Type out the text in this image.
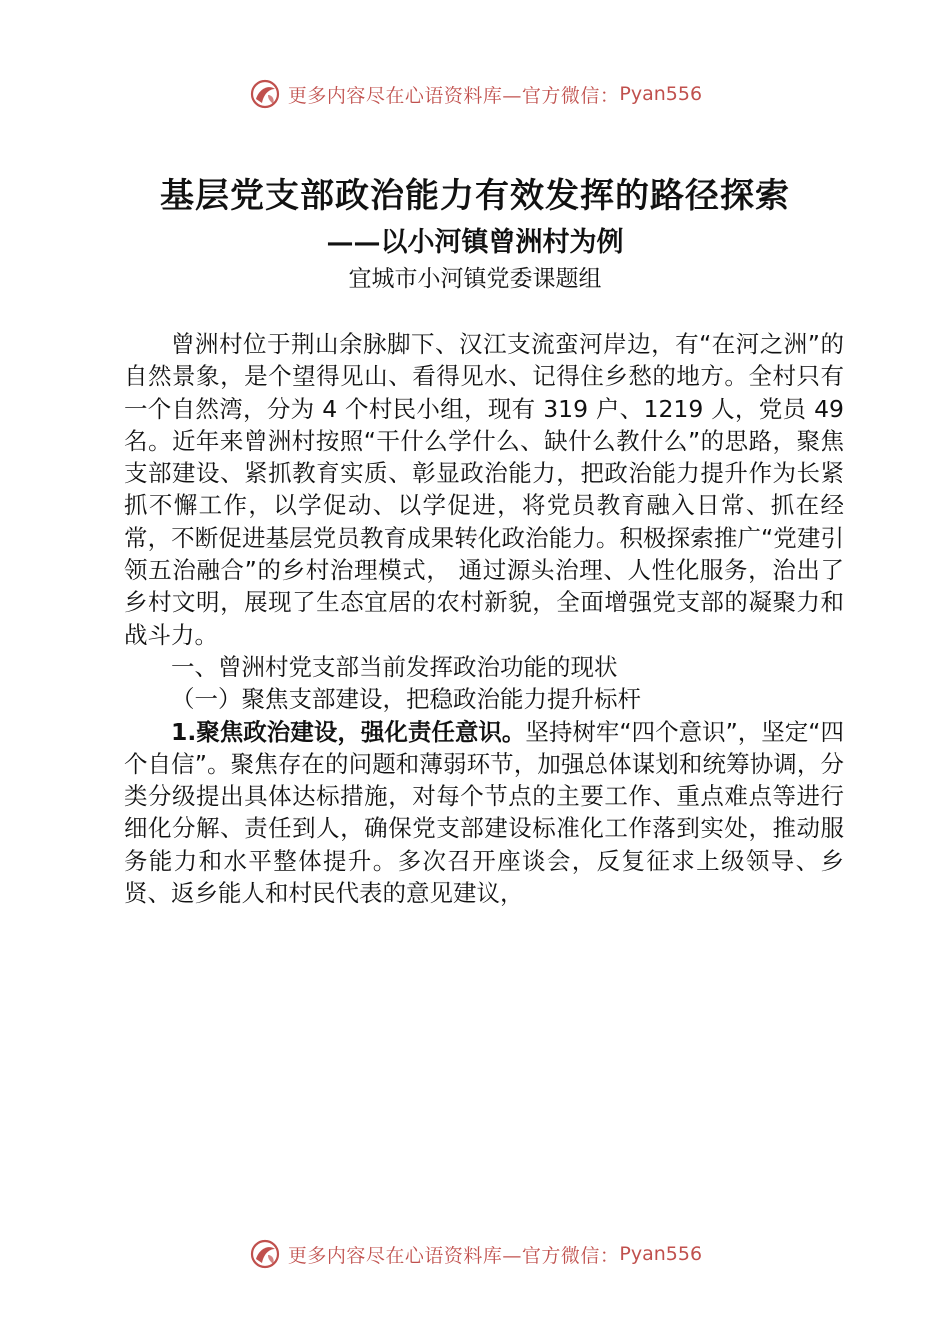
更多内容尽在心语资料库—官方微信： Pyan556
基层党支部政治能力有效发挥的路径探索
——以小河镇曾洲村为例
宜城市小河镇党委课题组

曾洲村位于荆山余脉脚下、汉江支流蛮河岸边，有“在河之洲”的自然景象，是个望得见山、看得见水、记得住乡愁的地方。全村只有一个自然湾，分为 4 个村民小组，现有 319 户、1219 人，党员 49 名。近年来曾洲村按照“干什么学什么、缺什么教什么”的思路，聚焦支部建设、紧抓教育实质、彰显政治能力，把政治能力提升作为长紧抓不懈工作，以学促动、以学促进，将党员教育融入日常、抓在经常，不断促进基层党员教育成果转化政治能力。积极探索推广“党建引领五治融合”的乡村治理模式， 通过源头治理、人性化服务，治出了乡村文明，展现了生态宜居的农村新貌，全面增强党支部的凝聚力和战斗力。

一、曾洲村党支部当前发挥政治功能的现状

（一）聚焦支部建设，把稳政治能力提升标杆

1.聚焦政治建设，强化责任意识。坚持树牢“四个意识”，坚定“四个自信”。聚焦存在的问题和薄弱环节，加强总体谋划和统筹协调，分类分级提出具体达标措施，对每个节点的主要工作、重点难点等进行细化分解、责任到人，确保党支部建设标准化工作落到实处，推动服务能力和水平整体提升。多次召开座谈会，反复征求上级领导、乡贤、返乡能人和村民代表的意见建议，

更多内容尽在心语资料库—官方微信： Pyan556
